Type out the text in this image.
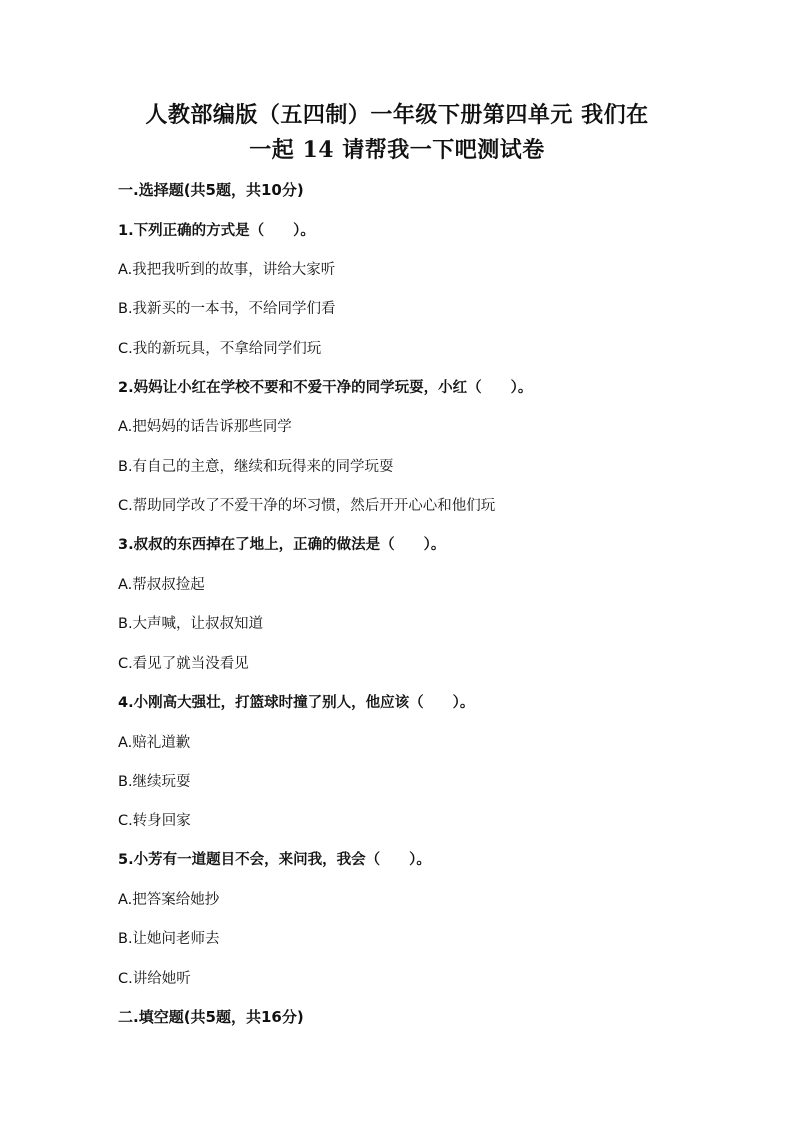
人教部编版（五四制）一年级下册第四单元 我们在
一起 14 请帮我一下吧测试卷
一.选择题(共5题，共10分)
1.下列正确的方式是（　　）。
A.我把我听到的故事，讲给大家听
B.我新买的一本书，不给同学们看
C.我的新玩具，不拿给同学们玩
2.妈妈让小红在学校不要和不爱干净的同学玩耍，小红（　　）。
A.把妈妈的话告诉那些同学
B.有自己的主意，继续和玩得来的同学玩耍
C.帮助同学改了不爱干净的坏习惯，然后开开心心和他们玩
3.叔叔的东西掉在了地上，正确的做法是（　　）。
A.帮叔叔捡起
B.大声喊，让叔叔知道
C.看见了就当没看见
4.小刚高大强壮，打篮球时撞了别人，他应该（　　）。
A.赔礼道歉
B.继续玩耍
C.转身回家
5.小芳有一道题目不会，来问我，我会（　　）。
A.把答案给她抄
B.让她问老师去
C.讲给她听
二.填空题(共5题，共16分)
